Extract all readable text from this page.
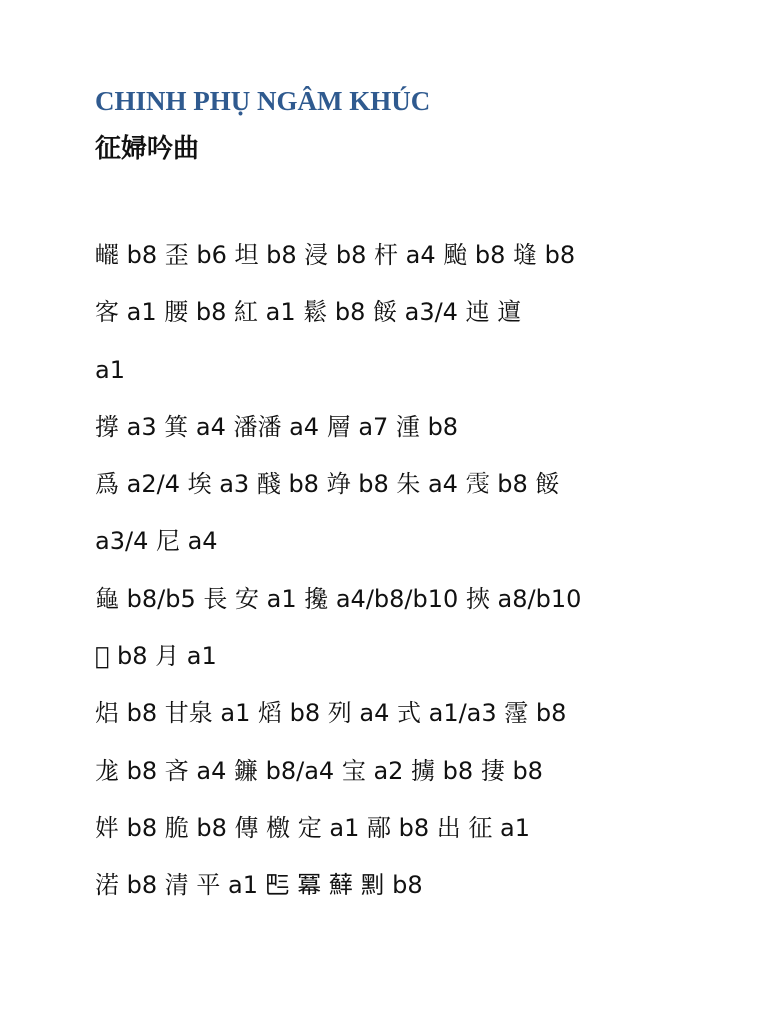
CHINH PHỤ NGÂM KHÚC
征婦吟曲
𤳸 b8 歪 b6 坦 b8 浸 b8 杆 a4 颱 b8 塳 b8
客 a1 腰 b8 紅 a1 鬆 b8 餒 a3/4 迍 邅
a1
撐 a3 箕 a4 潘潘 a4 層 a7 湩 b8
爲 a2/4 埃 a3 醆 b8 竫 b8 朱 a4 𩂟 b8 餒
a3/4 尼 a4
𧑴 b8/b5 長 安 a1 攙 a4/b8/b10 挾 a8/b10
𩅹 b8 月 a1
焒 b8 甘泉 a1 熖 b8 列 a4 式 a1/a3 霪 b8
尨 b8 吝 a4 鐮 b8/a4 宝 a2 擄 b8 捿 b8
姅 b8 脆 b8 傳 檄 定 a1 䣓 b8 出 征 a1
渃 b8 清 平 a1 𠀧 冪 蘚 䵞 b8
